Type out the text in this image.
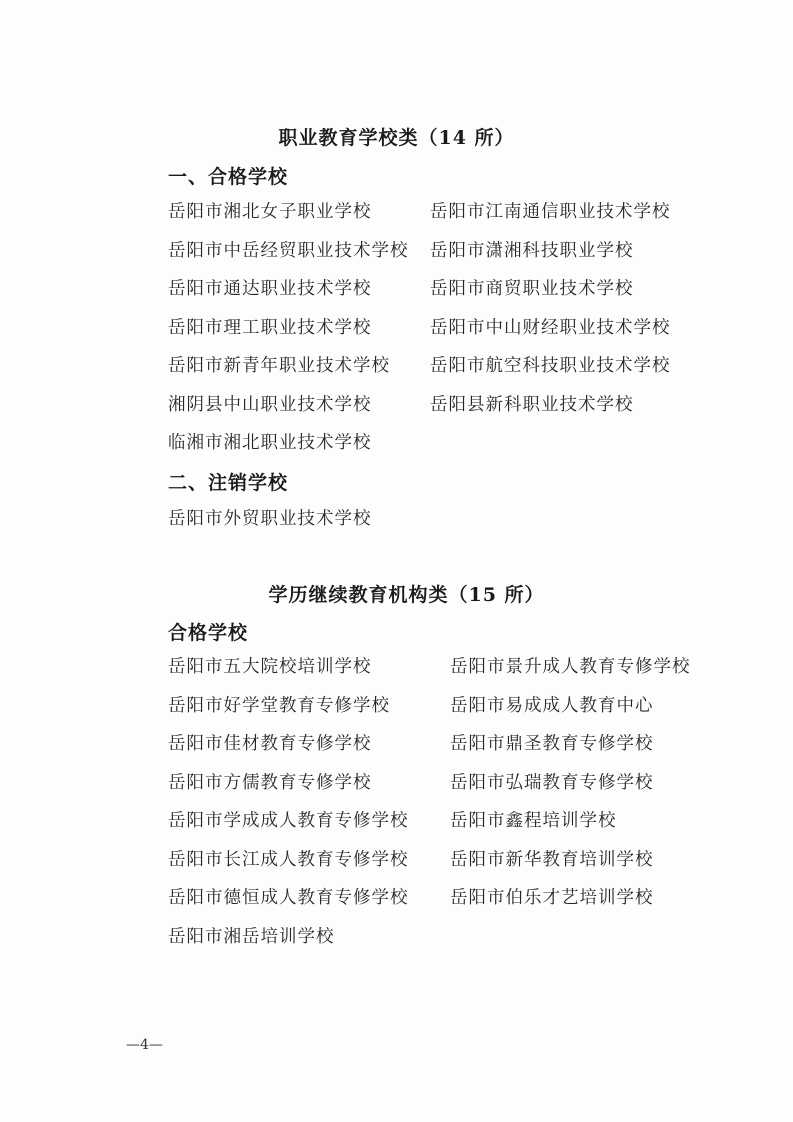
职业教育学校类（14 所）
一、合格学校
岳阳市湘北女子职业学校	岳阳市江南通信职业技术学校
岳阳市中岳经贸职业技术学校	岳阳市潇湘科技职业学校
岳阳市通达职业技术学校	岳阳市商贸职业技术学校
岳阳市理工职业技术学校	岳阳市中山财经职业技术学校
岳阳市新青年职业技术学校	岳阳市航空科技职业技术学校
湘阴县中山职业技术学校	岳阳县新科职业技术学校
临湘市湘北职业技术学校
二、注销学校
岳阳市外贸职业技术学校
学历继续教育机构类（15 所）
合格学校
岳阳市五大院校培训学校	岳阳市景升成人教育专修学校
岳阳市好学堂教育专修学校	岳阳市易成成人教育中心
岳阳市佳材教育专修学校	岳阳市鼎圣教育专修学校
岳阳市方儒教育专修学校	岳阳市弘瑞教育专修学校
岳阳市学成成人教育专修学校	岳阳市鑫程培训学校
岳阳市长江成人教育专修学校	岳阳市新华教育培训学校
岳阳市德恒成人教育专修学校	岳阳市伯乐才艺培训学校
岳阳市湘岳培训学校
—4—
